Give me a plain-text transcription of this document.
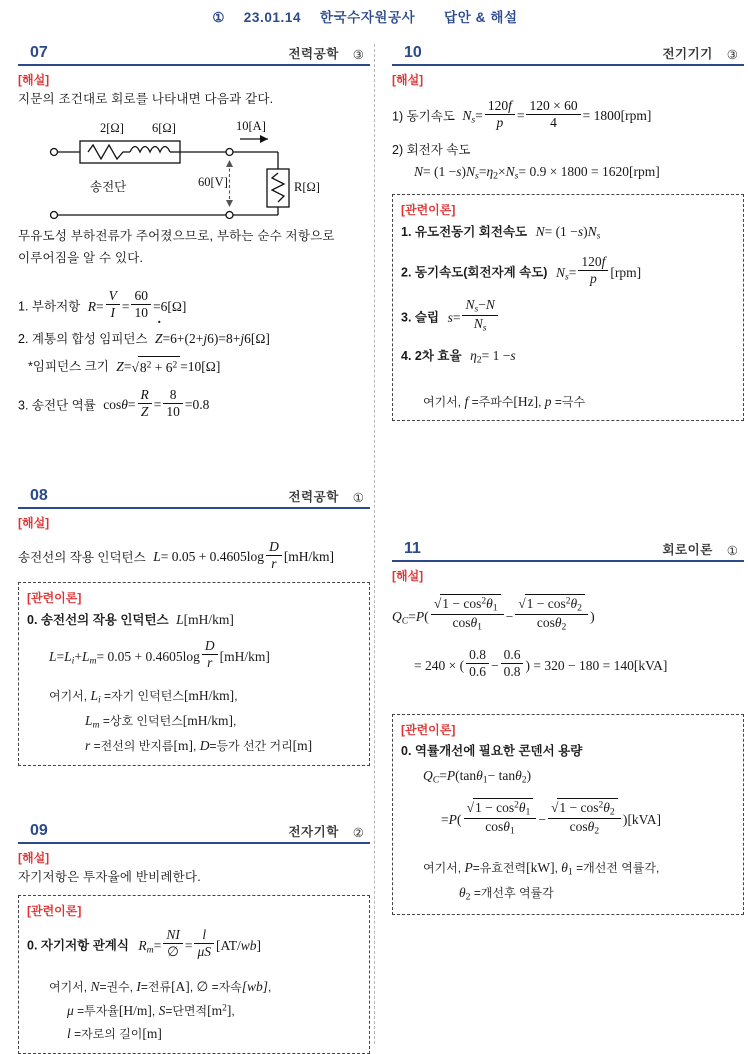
① 23.01.14 한국수자원공사 답안 & 해설
07	전력공학 ③
[해설]
지문의 조건대로 회로를 나타내면 다음과 같다.
2[Ω] 6[Ω]	10[A]
60[V]	R[Ω]
송전단
무유도성 부하전류가 주어졌으므로, 부하는 순수 저항으로
이루어짐을 알 수 있다.
1. 부하저항 $R= \frac{V}{I} = \frac{60}{10} =6[\Omega]$
2. 계통의 합성 임피던스 Z ·=6+(2+j6)=8+j6[Ω]
*임피던스 크기 $Z=√8^2 + 6^2 =10[\Omega]$
3. 송전단 역률 $\cos\theta= \frac{R}{Z} = \frac{8}{10} =0.8$
08	전력공학 ①
[해설]
송전선의 작용 인덕턴스 $L= 0.05 + 0.4605\log \frac{D}{r} [mH/km]$
[관련이론]
0. 송전선의 작용 인덕턴스 L[mH/km]
$L=L_i+L_m= 0.05 + 0.4605\log \frac{D}{r} [mH/km]$
여기서, $L_i$ =자기 인덕턴스[mH/km],
$L_m$ =상호 인덕턴스[mH/km],
r =전선의 반지름[m], D=등가 선간 거리[m]
09	전자기학 ②
[해설]
자기저항은 투자율에 반비례한다.
[관련이론]
0. 자기저항 관계식 $R_m= \frac{NI}{\emptyset} = \frac{l}{\mu S} [AT/wb]$
여기서, N=권수, I=전류[A], ∅ =자속[wb],
μ =투자율[H/m], S=단면적$[m^2]$,
l =자로의 길이[m]
10	전기기기 ③
[해설]
1) 동기속도 $N_s= \frac{120f}{p} = \frac{120 \times 60}{4} = 1800[rpm]$
2) 회전자 속도
$N= (1 -s)N_s=\eta_2\times N_s= 0.9 \times 1800 = 1620[rpm]$
[관련이론]
1. 유도전동기 회전속도 $N= (1 -s)N_s$
2. 동기속도(회전자계 속도) $N_s= \frac{120f}{p} [rpm]$
3. 슬립 $s= \frac{N_s-N}{N_s}$
4. 2차 효율 $\eta_2= 1 -s$
여기서, f =주파수[Hz], p =극수
11	회로이론 ①
[해설]
$Q_C=P( \frac{√1 - \cos^2\theta_1}{\cos\theta_1} - \frac{√1 - \cos^2\theta_2}{\cos\theta_2}$ )
= 240 × ( $\frac{0.8}{0.6} - \frac{0.6}{0.8}$ ) = 320 − 180 = 140[kVA]
[관련이론]
0. 역률개선에 필요한 콘덴서 용량
$Q_C=P(\tan\theta_1- \tan\theta_2)$
$=P( \frac{√1 - \cos^2\theta_1}{\cos\theta_1} - \frac{√1 - \cos^2\theta_2}{\cos\theta_2} )[kVA]$
여기서, P=유효전력[kW], $\theta_1$ =개선전 역률각,
$\theta_2$ =개선후 역률각
